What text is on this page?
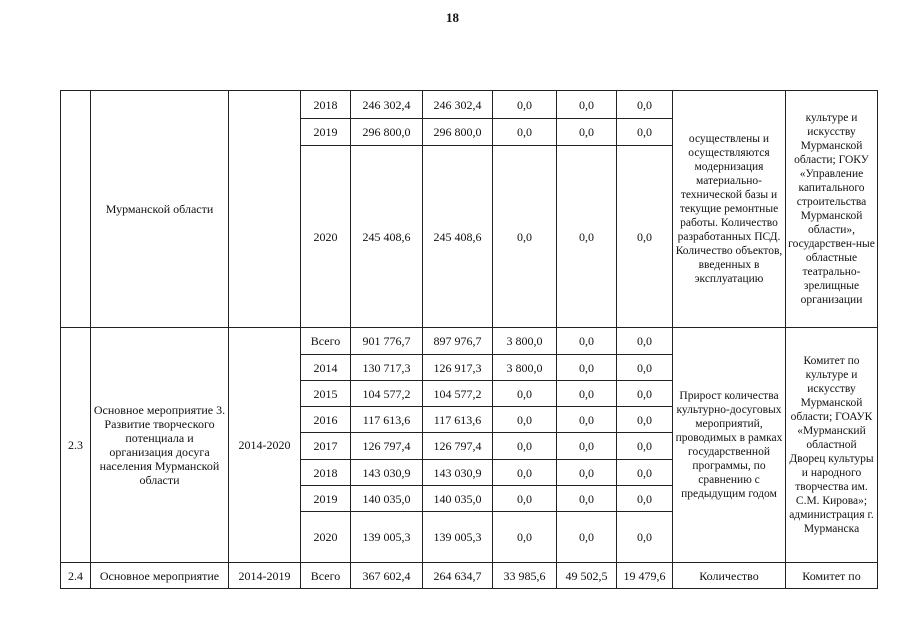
18
	Мурманской области		2018	246 302,4	246 302,4	0,0	0,0	0,0	осуществлены и осуществляются модернизация материально-технической базы и текущие ремонтные работы. Количество разработанных ПСД. Количество объектов, введенных в эксплуатацию	культуре и искусству Мурманской области; ГОКУ «Управление капитального строительства Мурманской области», государствен-ные областные театрально-зрелищные организации
			2019	296 800,0	296 800,0	0,0	0,0	0,0		
			2020	245 408,6	245 408,6	0,0	0,0	0,0		
2.3	Основное мероприятие 3. Развитие творческого потенциала и организация досуга населения Мурманской области	2014-2020	Всего	901 776,7	897 976,7	3 800,0	0,0	0,0	Прирост количества культурно-досуговых мероприятий, проводимых в рамках государственной программы, по сравнению с предыдущим годом	Комитет по культуре и искусству Мурманской области; ГОАУК «Мурманский областной Дворец культуры и народного творчества им. С.М. Кирова»; администрация г. Мурманска
			2014	130 717,3	126 917,3	3 800,0	0,0	0,0		
			2015	104 577,2	104 577,2	0,0	0,0	0,0		
			2016	117 613,6	117 613,6	0,0	0,0	0,0		
			2017	126 797,4	126 797,4	0,0	0,0	0,0		
			2018	143 030,9	143 030,9	0,0	0,0	0,0		
			2019	140 035,0	140 035,0	0,0	0,0	0,0		
			2020	139 005,3	139 005,3	0,0	0,0	0,0		
2.4	Основное мероприятие	2014-2019	Всего	367 602,4	264 634,7	33 985,6	49 502,5	19 479,6	Количество	Комитет по
